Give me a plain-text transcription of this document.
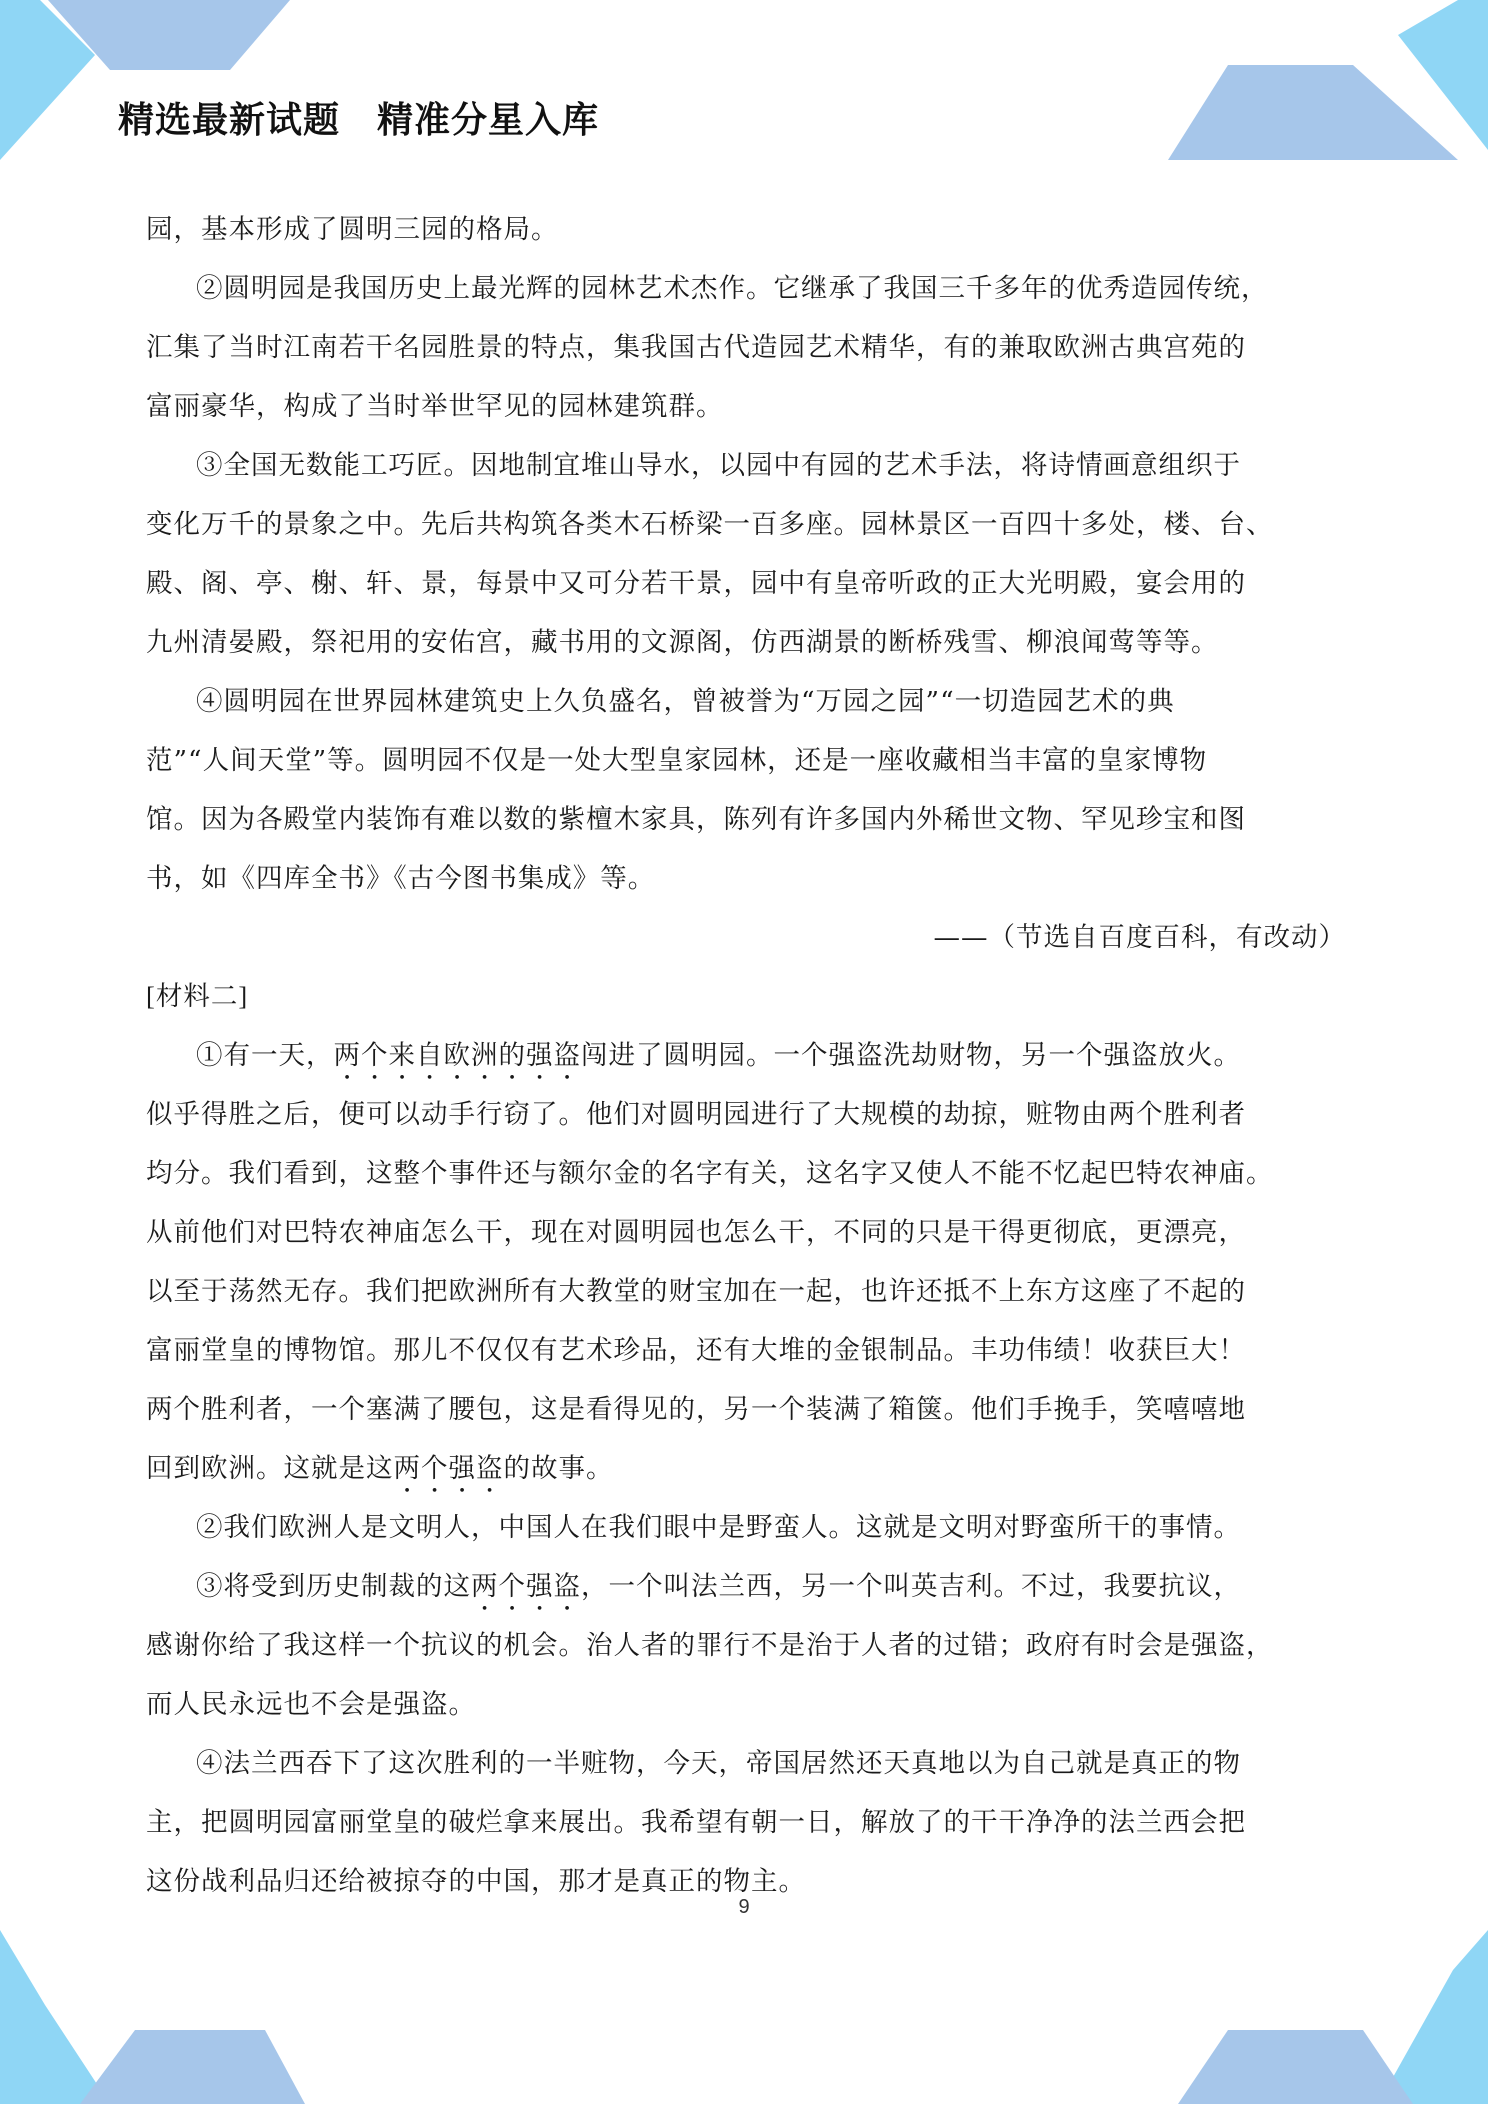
精选最新试题　精准分星入库
园，基本形成了圆明三园的格局。
②圆明园是我国历史上最光辉的园林艺术杰作。它继承了我国三千多年的优秀造园传统，
汇集了当时江南若干名园胜景的特点，集我国古代造园艺术精华，有的兼取欧洲古典宫苑的
富丽豪华，构成了当时举世罕见的园林建筑群。
③全国无数能工巧匠。因地制宜堆山导水，以园中有园的艺术手法，将诗情画意组织于
变化万千的景象之中。先后共构筑各类木石桥梁一百多座。园林景区一百四十多处，楼、台、
殿、阁、亭、榭、轩、景，每景中又可分若干景，园中有皇帝听政的正大光明殿，宴会用的
九州清晏殿，祭祀用的安佑宫，藏书用的文源阁，仿西湖景的断桥残雪、柳浪闻莺等等。
④圆明园在世界园林建筑史上久负盛名，曾被誉为“万园之园”“一切造园艺术的典
范”“人间天堂”等。圆明园不仅是一处大型皇家园林，还是一座收藏相当丰富的皇家博物
馆。因为各殿堂内装饰有难以数的紫檀木家具，陈列有许多国内外稀世文物、罕见珍宝和图
书，如《四库全书》《古今图书集成》等。
——（节选自百度百科，有改动）
[材料二]
①有一天，两个来自欧洲的强盗闯进了圆明园。一个强盗洗劫财物，另一个强盗放火。
似乎得胜之后，便可以动手行窃了。他们对圆明园进行了大规模的劫掠，赃物由两个胜利者
均分。我们看到，这整个事件还与额尔金的名字有关，这名字又使人不能不忆起巴特农神庙。
从前他们对巴特农神庙怎么干，现在对圆明园也怎么干，不同的只是干得更彻底，更漂亮，
以至于荡然无存。我们把欧洲所有大教堂的财宝加在一起，也许还抵不上东方这座了不起的
富丽堂皇的博物馆。那儿不仅仅有艺术珍品，还有大堆的金银制品。丰功伟绩！收获巨大！
两个胜利者，一个塞满了腰包，这是看得见的，另一个装满了箱箧。他们手挽手，笑嘻嘻地
回到欧洲。这就是这两个强盗的故事。
②我们欧洲人是文明人，中国人在我们眼中是野蛮人。这就是文明对野蛮所干的事情。
③将受到历史制裁的这两个强盗，一个叫法兰西，另一个叫英吉利。不过，我要抗议，
感谢你给了我这样一个抗议的机会。治人者的罪行不是治于人者的过错；政府有时会是强盗，
而人民永远也不会是强盗。
④法兰西吞下了这次胜利的一半赃物，今天，帝国居然还天真地以为自己就是真正的物
主，把圆明园富丽堂皇的破烂拿来展出。我希望有朝一日，解放了的干干净净的法兰西会把
这份战利品归还给被掠夺的中国，那才是真正的物主。
9
